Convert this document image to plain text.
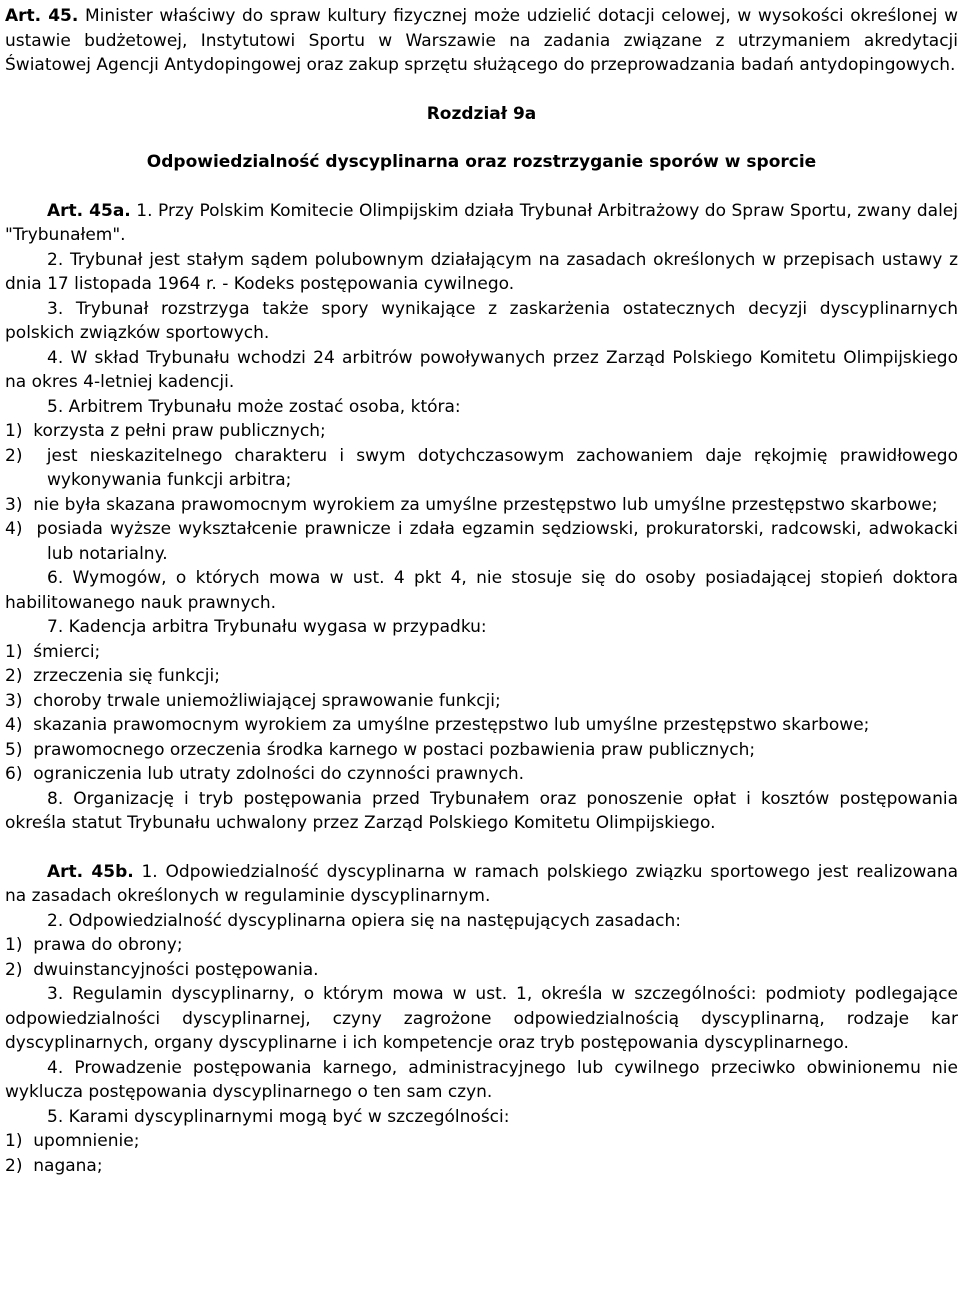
Art. 45. Minister właściwy do spraw kultury fizycznej może udzielić dotacji celowej, w wysokości określonej w ustawie budżetowej, Instytutowi Sportu w Warszawie na zadania związane z utrzymaniem akredytacji Światowej Agencji Antydopingowej oraz zakup sprzętu służącego do przeprowadzania badań antydopingowych.

Rozdział 9a

Odpowiedzialność dyscyplinarna oraz rozstrzyganie sporów w sporcie

Art. 45a. 1. Przy Polskim Komitecie Olimpijskim działa Trybunał Arbitrażowy do Spraw Sportu, zwany dalej "Trybunałem".

2. Trybunał jest stałym sądem polubownym działającym na zasadach określonych w przepisach ustawy z dnia 17 listopada 1964 r. - Kodeks postępowania cywilnego.

3. Trybunał rozstrzyga także spory wynikające z zaskarżenia ostatecznych decyzji dyscyplinarnych polskich związków sportowych.

4. W skład Trybunału wchodzi 24 arbitrów powoływanych przez Zarząd Polskiego Komitetu Olimpijskiego na okres 4-letniej kadencji.

5. Arbitrem Trybunału może zostać osoba, która:

1)  korzysta z pełni praw publicznych;

2)  jest nieskazitelnego charakteru i swym dotychczasowym zachowaniem daje rękojmię prawidłowego wykonywania funkcji arbitra;

3)  nie była skazana prawomocnym wyrokiem za umyślne przestępstwo lub umyślne przestępstwo skarbowe;

4)  posiada wyższe wykształcenie prawnicze i zdała egzamin sędziowski, prokuratorski, radcowski, adwokacki lub notarialny.

6. Wymogów, o których mowa w ust. 4 pkt 4, nie stosuje się do osoby posiadającej stopień doktora habilitowanego nauk prawnych.

7. Kadencja arbitra Trybunału wygasa w przypadku:

1)  śmierci;

2)  zrzeczenia się funkcji;

3)  choroby trwale uniemożliwiającej sprawowanie funkcji;

4)  skazania prawomocnym wyrokiem za umyślne przestępstwo lub umyślne przestępstwo skarbowe;

5)  prawomocnego orzeczenia środka karnego w postaci pozbawienia praw publicznych;

6)  ograniczenia lub utraty zdolności do czynności prawnych.

8. Organizację i tryb postępowania przed Trybunałem oraz ponoszenie opłat i kosztów postępowania określa statut Trybunału uchwalony przez Zarząd Polskiego Komitetu Olimpijskiego.

Art. 45b. 1. Odpowiedzialność dyscyplinarna w ramach polskiego związku sportowego jest realizowana na zasadach określonych w regulaminie dyscyplinarnym.

2. Odpowiedzialność dyscyplinarna opiera się na następujących zasadach:

1)  prawa do obrony;

2)  dwuinstancyjności postępowania.

3. Regulamin dyscyplinarny, o którym mowa w ust. 1, określa w szczególności: podmioty podlegające odpowiedzialności dyscyplinarnej, czyny zagrożone odpowiedzialnością dyscyplinarną, rodzaje kar dyscyplinarnych, organy dyscyplinarne i ich kompetencje oraz tryb postępowania dyscyplinarnego.

4. Prowadzenie postępowania karnego, administracyjnego lub cywilnego przeciwko obwinionemu nie wyklucza postępowania dyscyplinarnego o ten sam czyn.

5. Karami dyscyplinarnymi mogą być w szczególności:

1)  upomnienie;

2)  nagana;
